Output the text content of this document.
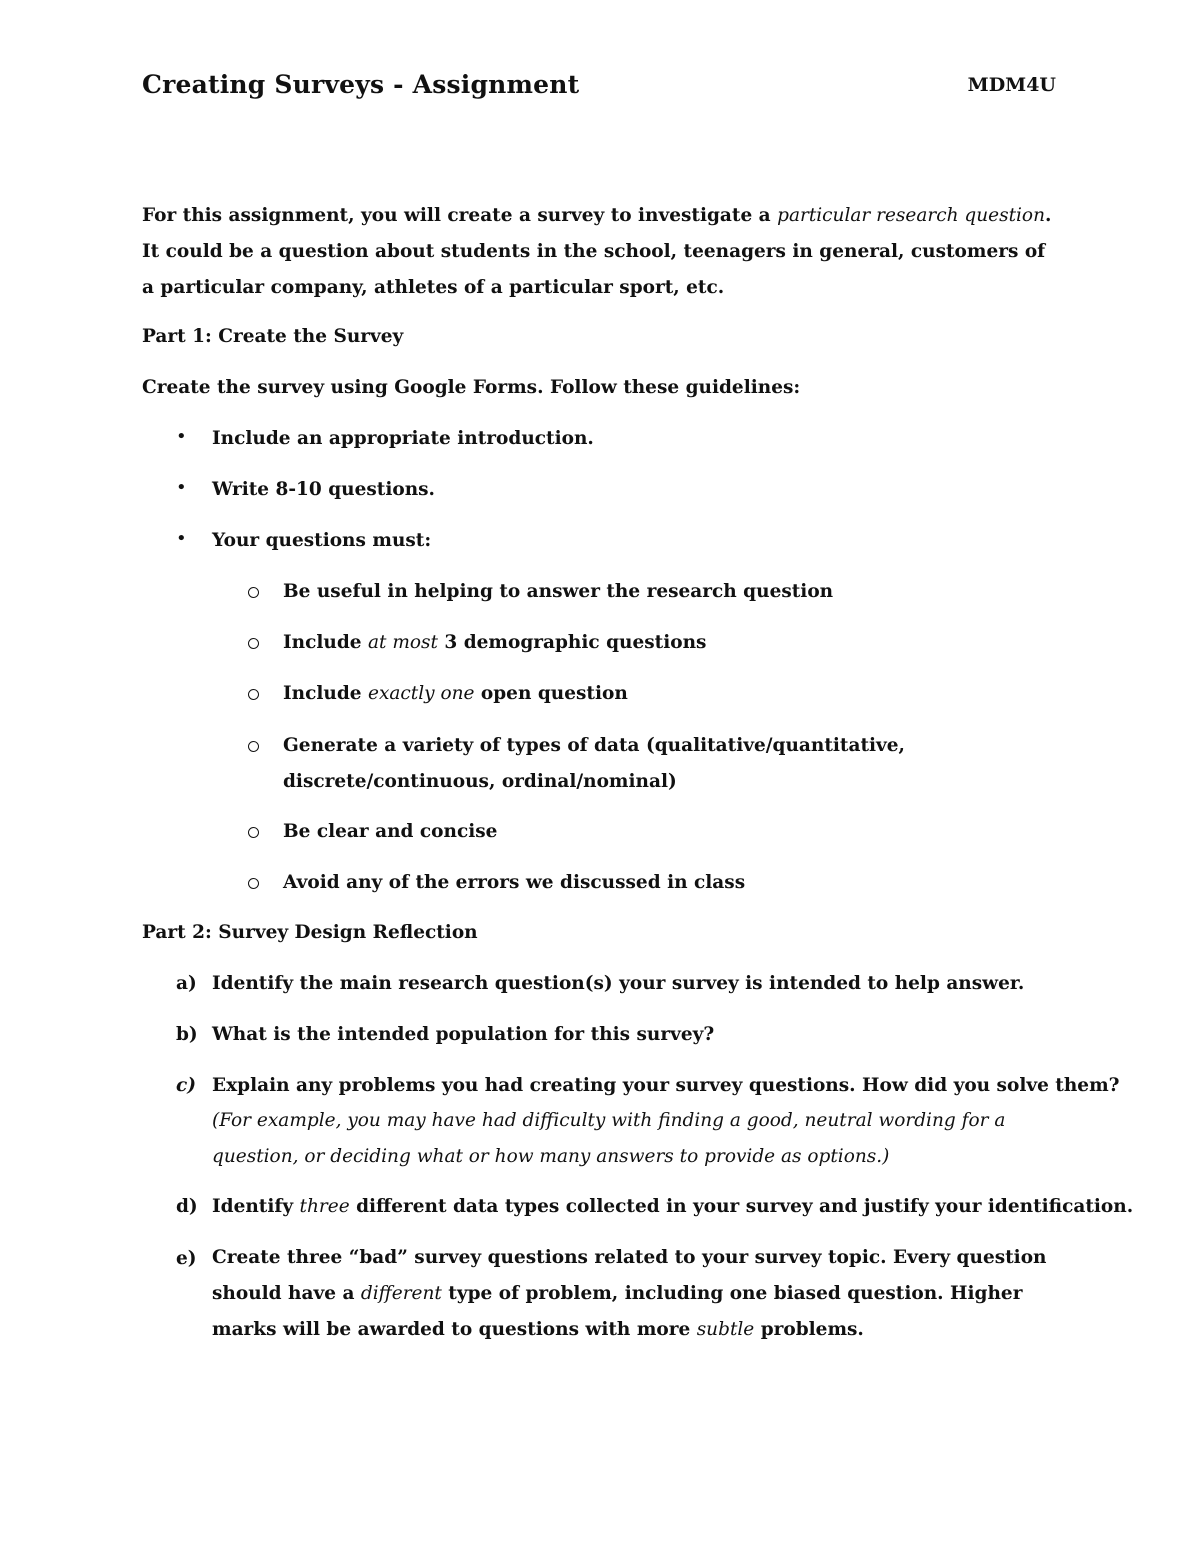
Creating Surveys - Assignment	MDM4U
For this assignment, you will create a survey to investigate a particular research question. It could be a question about students in the school, teenagers in general, customers of a particular company, athletes of a particular sport, etc.
Part 1: Create the Survey
Create the survey using Google Forms. Follow these guidelines:
• Include an appropriate introduction.
• Write 8-10 questions.
• Your questions must:
Be useful in helping to answer the research question
Include at most 3 demographic questions
Include exactly one open question
Generate a variety of types of data (qualitative/quantitative, discrete/continuous, ordinal/nominal)
Be clear and concise
Avoid any of the errors we discussed in class
Part 2: Survey Design Reflection
a) Identify the main research question(s) your survey is intended to help answer.
b) What is the intended population for this survey?
c) Explain any problems you had creating your survey questions. How did you solve them?
(For example, you may have had difficulty with finding a good, neutral wording for a question, or deciding what or how many answers to provide as options.)
d) Identify three different data types collected in your survey and justify your identification.
e) Create three “bad” survey questions related to your survey topic. Every question should have a different type of problem, including one biased question. Higher marks will be awarded to questions with more subtle problems.
